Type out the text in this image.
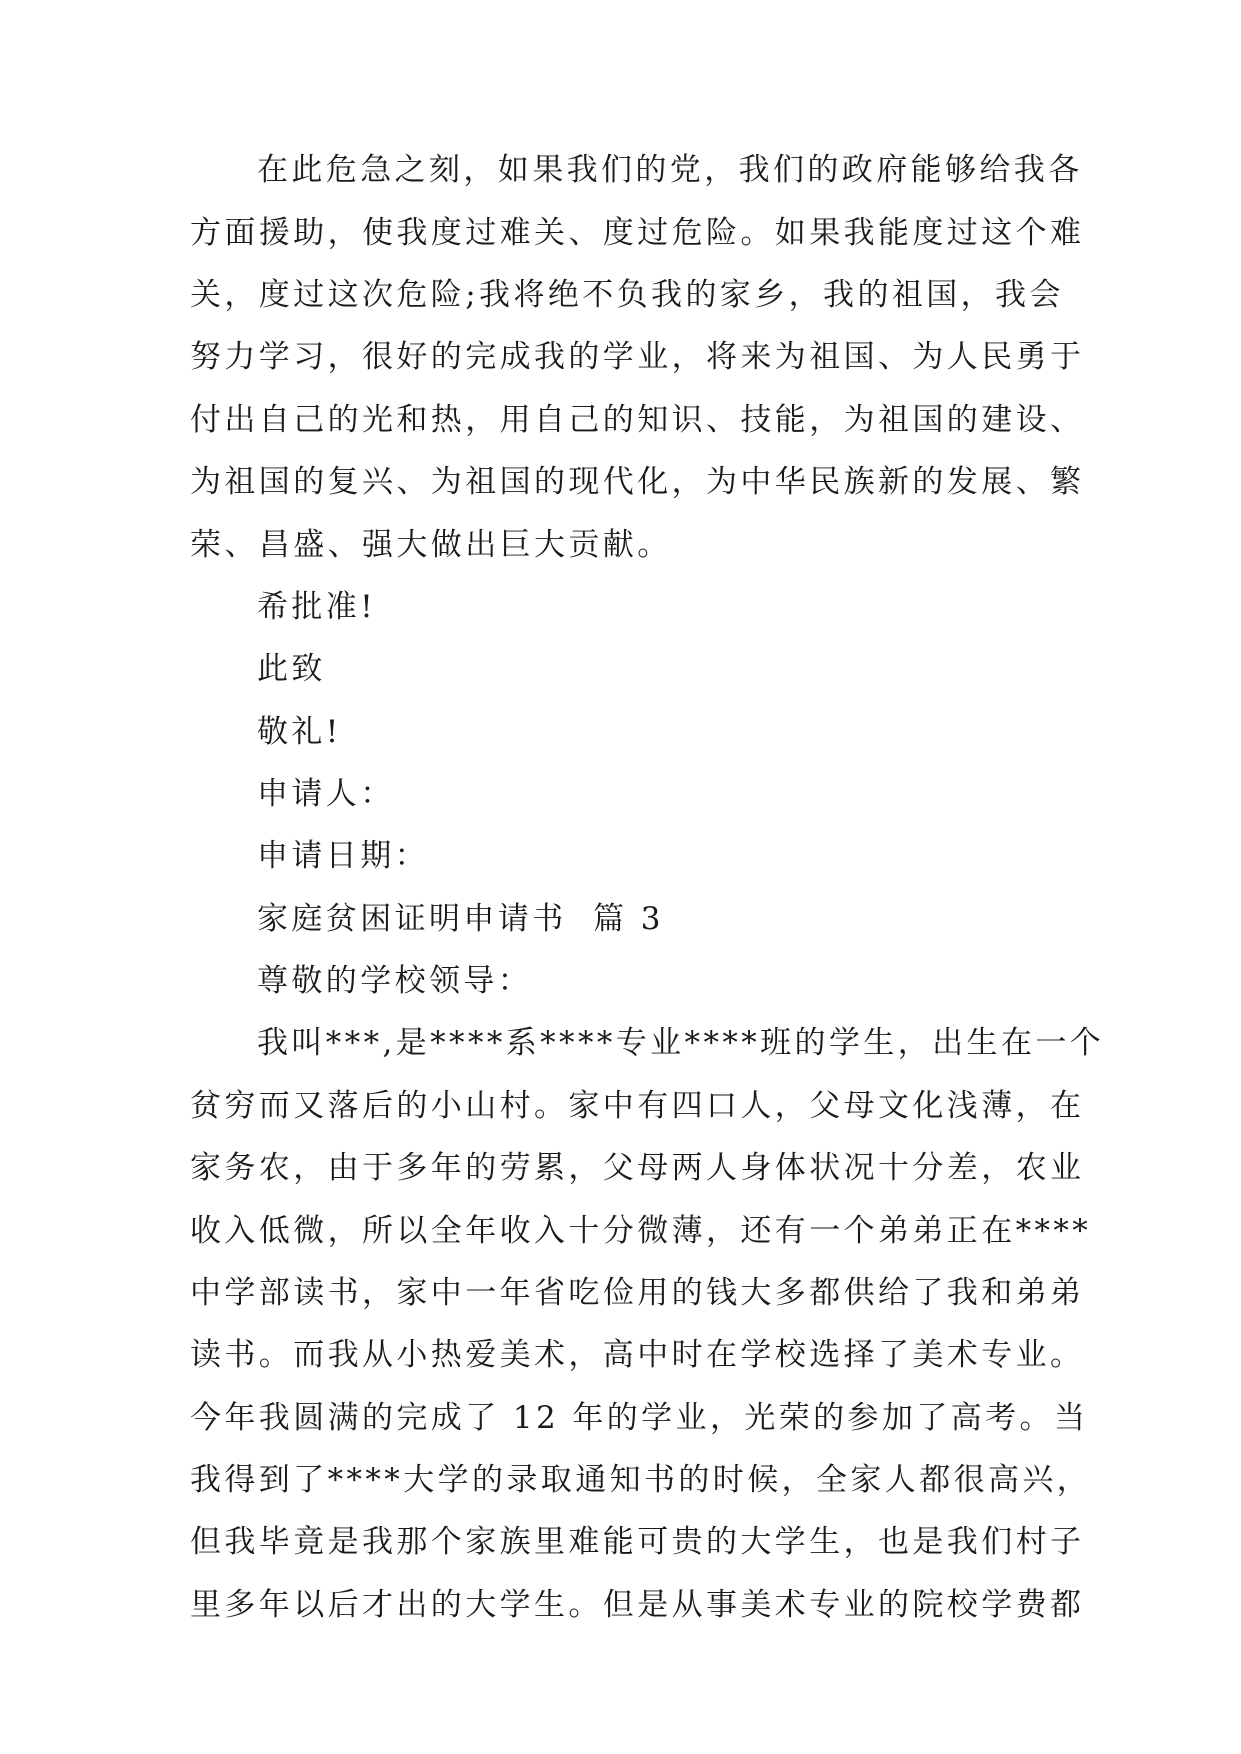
在此危急之刻，如果我们的党，我们的政府能够给我各
方面援助，使我度过难关、度过危险。如果我能度过这个难
关，度过这次危险;我将绝不负我的家乡，我的祖国，我会
努力学习，很好的完成我的学业，将来为祖国、为人民勇于
付出自己的光和热，用自己的知识、技能，为祖国的建设、
为祖国的复兴、为祖国的现代化，为中华民族新的发展、繁
荣、昌盛、强大做出巨大贡献。
希批准!
此致
敬礼!
申请人：
申请日期：
家庭贫困证明申请书  篇 3
尊敬的学校领导：
我叫***,是****系****专业****班的学生，出生在一个
贫穷而又落后的小山村。家中有四口人，父母文化浅薄，在
家务农，由于多年的劳累，父母两人身体状况十分差，农业
收入低微，所以全年收入十分微薄，还有一个弟弟正在****
中学部读书，家中一年省吃俭用的钱大多都供给了我和弟弟
读书。而我从小热爱美术，高中时在学校选择了美术专业。
今年我圆满的完成了 12 年的学业，光荣的参加了高考。当
我得到了****大学的录取通知书的时候，全家人都很高兴，
但我毕竟是我那个家族里难能可贵的大学生，也是我们村子
里多年以后才出的大学生。但是从事美术专业的院校学费都
